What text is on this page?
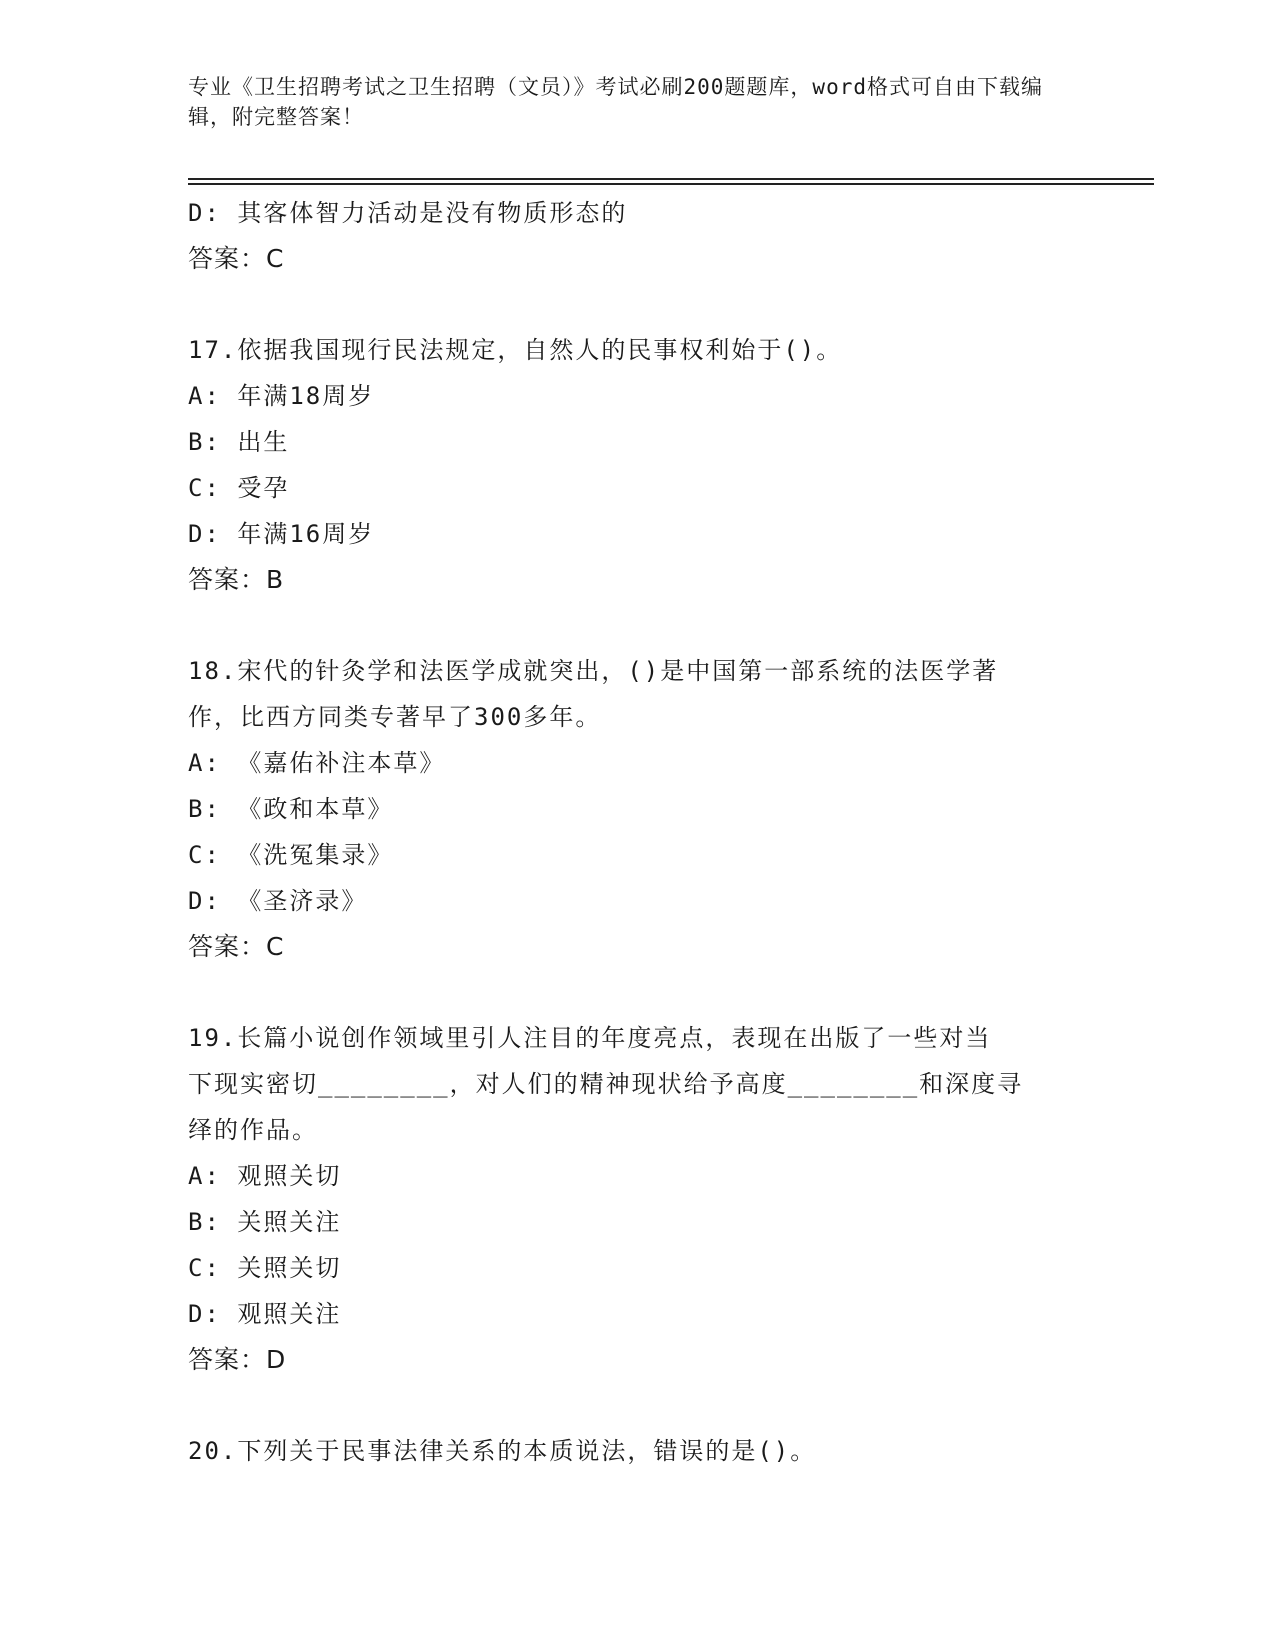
专业《卫生招聘考试之卫生招聘（文员）》考试必刷200题题库，word格式可自由下载编辑，附完整答案！
D: 其客体智力活动是没有物质形态的
答案：C
17.依据我国现行民法规定，自然人的民事权利始于()。
A: 年满18周岁
B: 出生
C: 受孕
D: 年满16周岁
答案：B
18.宋代的针灸学和法医学成就突出，()是中国第一部系统的法医学著
作，比西方同类专著早了300多年。
A: 《嘉佑补注本草》
B: 《政和本草》
C: 《洗冤集录》
D: 《圣济录》
答案：C
19.长篇小说创作领域里引人注目的年度亮点，表现在出版了一些对当
下现实密切________，对人们的精神现状给予高度________和深度寻
绎的作品。
A: 观照关切
B: 关照关注
C: 关照关切
D: 观照关注
答案：D
20.下列关于民事法律关系的本质说法，错误的是()。
